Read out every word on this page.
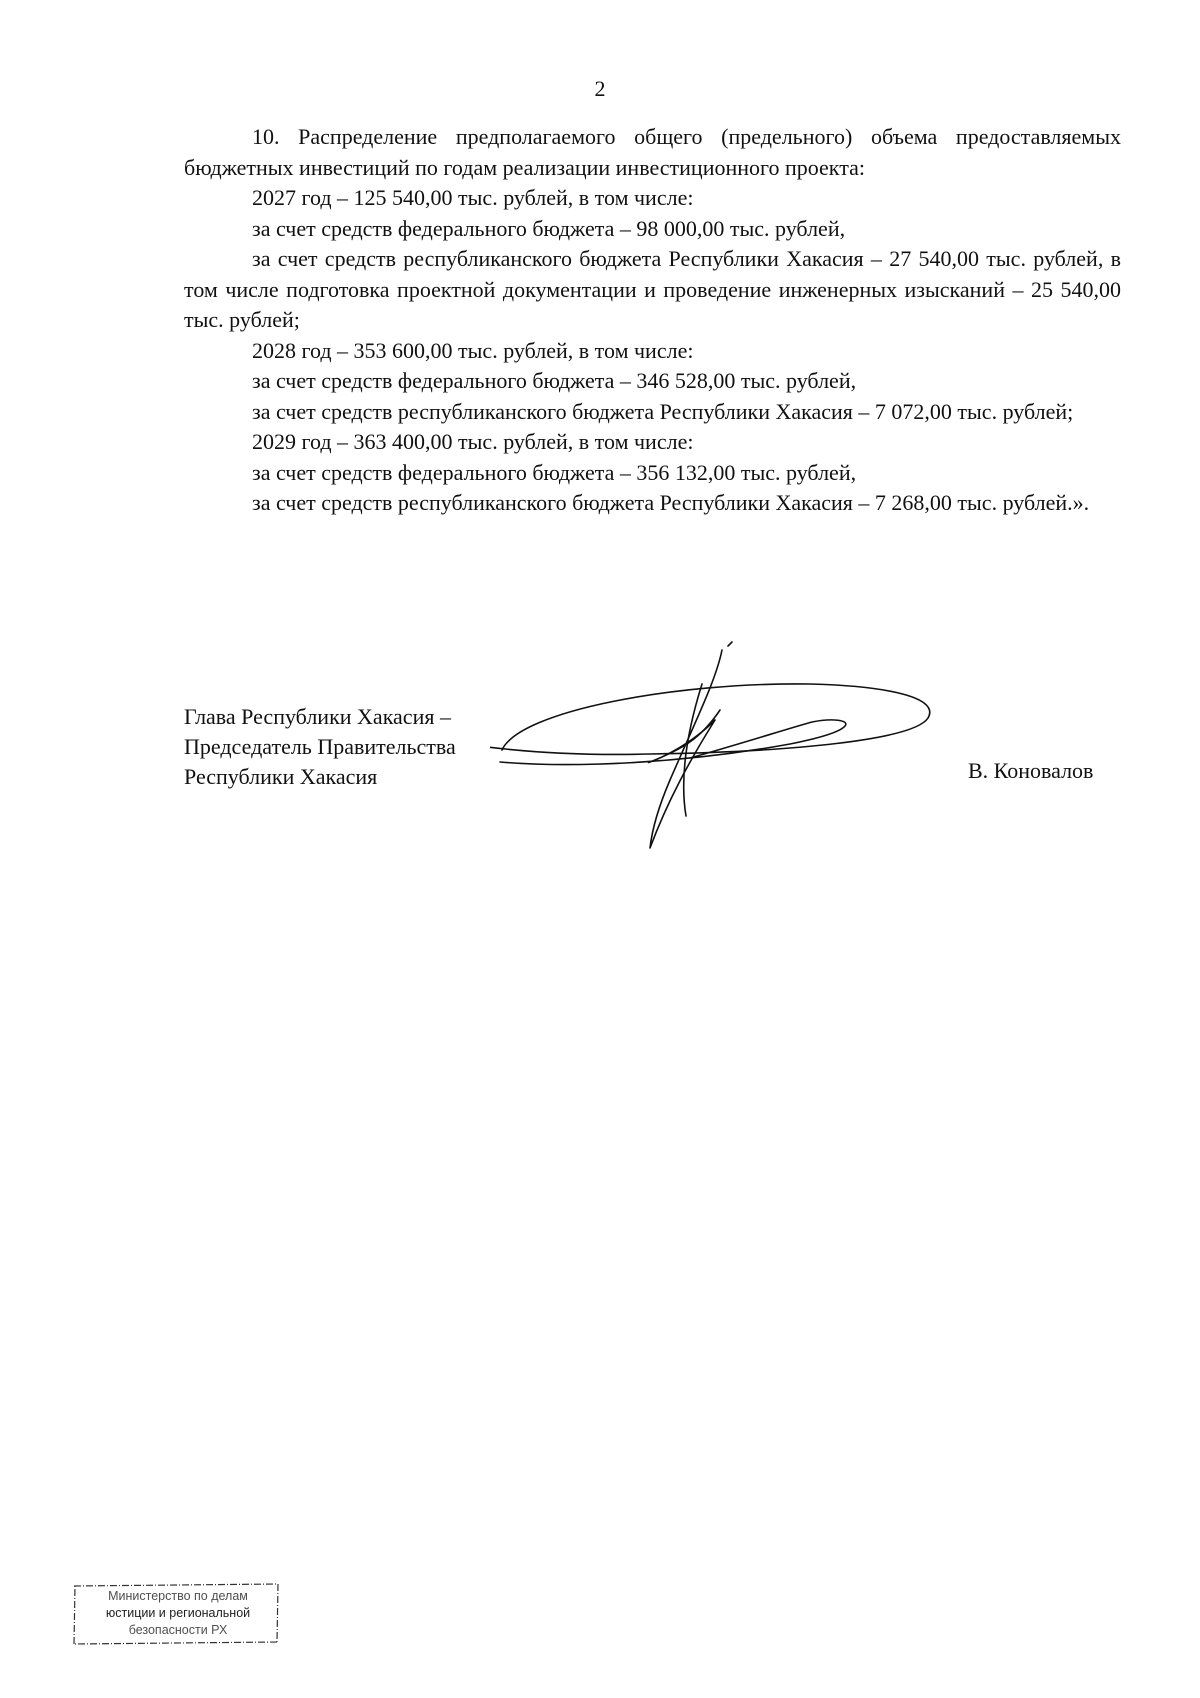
2

10. Распределение предполагаемого общего (предельного) объема предоставляемых бюджетных инвестиций по годам реализации инвестиционного проекта:

2027 год – 125 540,00 тыс. рублей, в том числе:

за счет средств федерального бюджета – 98 000,00 тыс. рублей,

за счет средств республиканского бюджета Республики Хакасия – 27 540,00 тыс. рублей, в том числе подготовка проектной документации и проведение инженерных изысканий – 25 540,00 тыс. рублей;

2028 год – 353 600,00 тыс. рублей, в том числе:

за счет средств федерального бюджета – 346 528,00 тыс. рублей,

за счет средств республиканского бюджета Республики Хакасия – 7 072,00 тыс. рублей;

2029 год – 363 400,00 тыс. рублей, в том числе:

за счет средств федерального бюджета – 356 132,00 тыс. рублей,

за счет средств республиканского бюджета Республики Хакасия – 7 268,00 тыс. рублей.».

Глава Республики Хакасия –
Председатель Правительства
Республики Хакасия	В. Коновалов
Министерство по делам
юстиции и региональной
безопасности РХ
